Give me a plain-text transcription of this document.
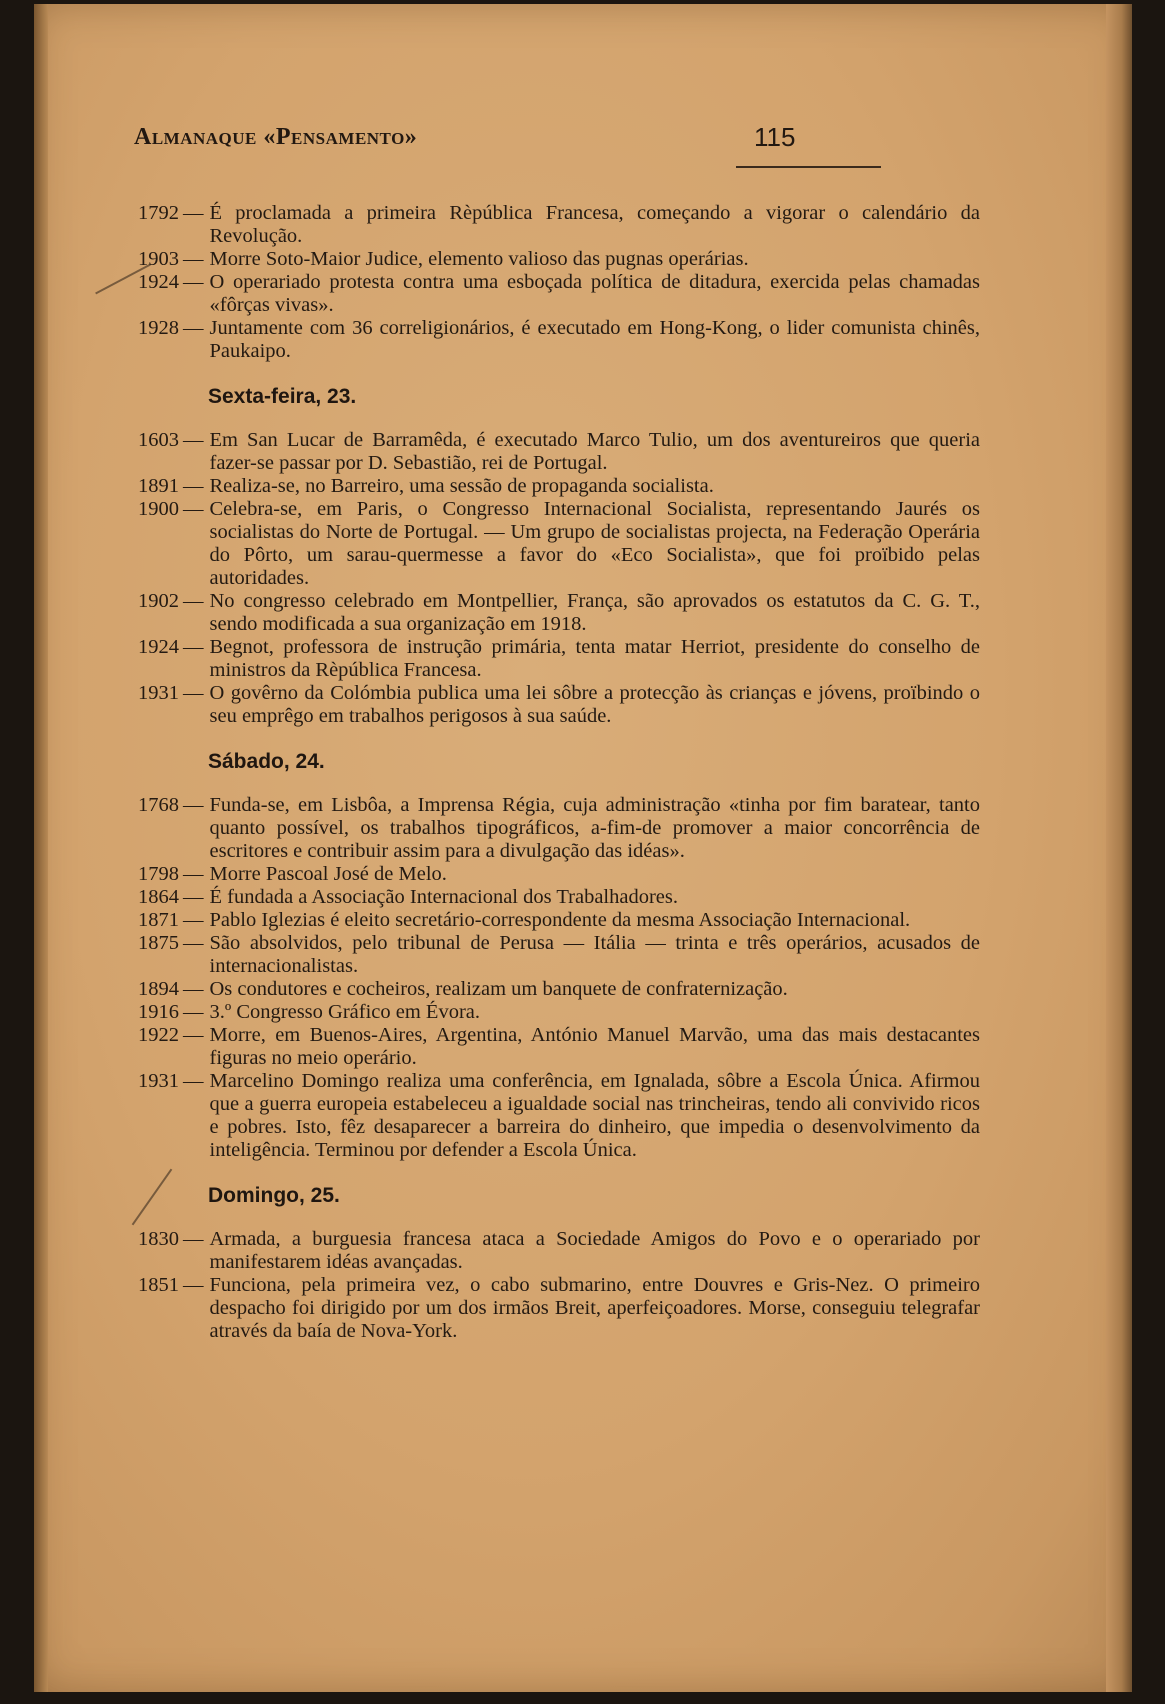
Almanaque «Pensamento»	115
1792 — É proclamada a primeira Rèpública Francesa, começando a vigorar o calendário da Revolução.
1903 — Morre Soto-Maior Judice, elemento valioso das pugnas operárias.
1924 — O operariado protesta contra uma esboçada política de ditadura, exercida pelas chamadas «fôrças vivas».
1928 — Juntamente com 36 correligionários, é executado em Hong-Kong, o lider comunista chinês, Paukaipo.
Sexta-feira, 23.
1603 — Em San Lucar de Barramêda, é executado Marco Tulio, um dos aventureiros que queria fazer-se passar por D. Sebastião, rei de Portugal.
1891 — Realiza-se, no Barreiro, uma sessão de propaganda socialista.
1900 — Celebra-se, em Paris, o Congresso Internacional Socialista, representando Jaurés os socialistas do Norte de Portugal. — Um grupo de socialistas projecta, na Federação Operária do Pôrto, um sarau-quermesse a favor do «Eco Socialista», que foi proïbido pelas autoridades.
1902 — No congresso celebrado em Montpellier, França, são aprovados os estatutos da C. G. T., sendo modificada a sua organização em 1918.
1924 — Begnot, professora de instrução primária, tenta matar Herriot, presidente do conselho de ministros da Rèpública Francesa.
1931 — O govêrno da Colómbia publica uma lei sôbre a protecção às crianças e jóvens, proïbindo o seu emprêgo em trabalhos perigosos à sua saúde.
Sábado, 24.
1768 — Funda-se, em Lisbôa, a Imprensa Régia, cuja administração «tinha por fim baratear, tanto quanto possível, os trabalhos tipográficos, a-fim-de promover a maior concorrência de escritores e contribuir assim para a divulgação das idéas».
1798 — Morre Pascoal José de Melo.
1864 — É fundada a Associação Internacional dos Trabalhadores.
1871 — Pablo Iglezias é eleito secretário-correspondente da mesma Associação Internacional.
1875 — São absolvidos, pelo tribunal de Perusa — Itália — trinta e três operários, acusados de internacionalistas.
1894 — Os condutores e cocheiros, realizam um banquete de confraternização.
1916 — 3.º Congresso Gráfico em Évora.
1922 — Morre, em Buenos-Aires, Argentina, António Manuel Marvão, uma das mais destacantes figuras no meio operário.
1931 — Marcelino Domingo realiza uma conferência, em Ignalada, sôbre a Escola Única. Afirmou que a guerra europeia estabeleceu a igualdade social nas trincheiras, tendo ali convivido ricos e pobres. Isto, fêz desaparecer a barreira do dinheiro, que impedia o desenvolvimento da inteligência. Terminou por defender a Escola Única.
Domingo, 25.
1830 — Armada, a burguesia francesa ataca a Sociedade Amigos do Povo e o operariado por manifestarem idéas avançadas.
1851 — Funciona, pela primeira vez, o cabo submarino, entre Douvres e Gris-Nez. O primeiro despacho foi dirigido por um dos irmãos Breit, aperfeiçoadores. Morse, conseguiu telegrafar através da baía de Nova-York.
